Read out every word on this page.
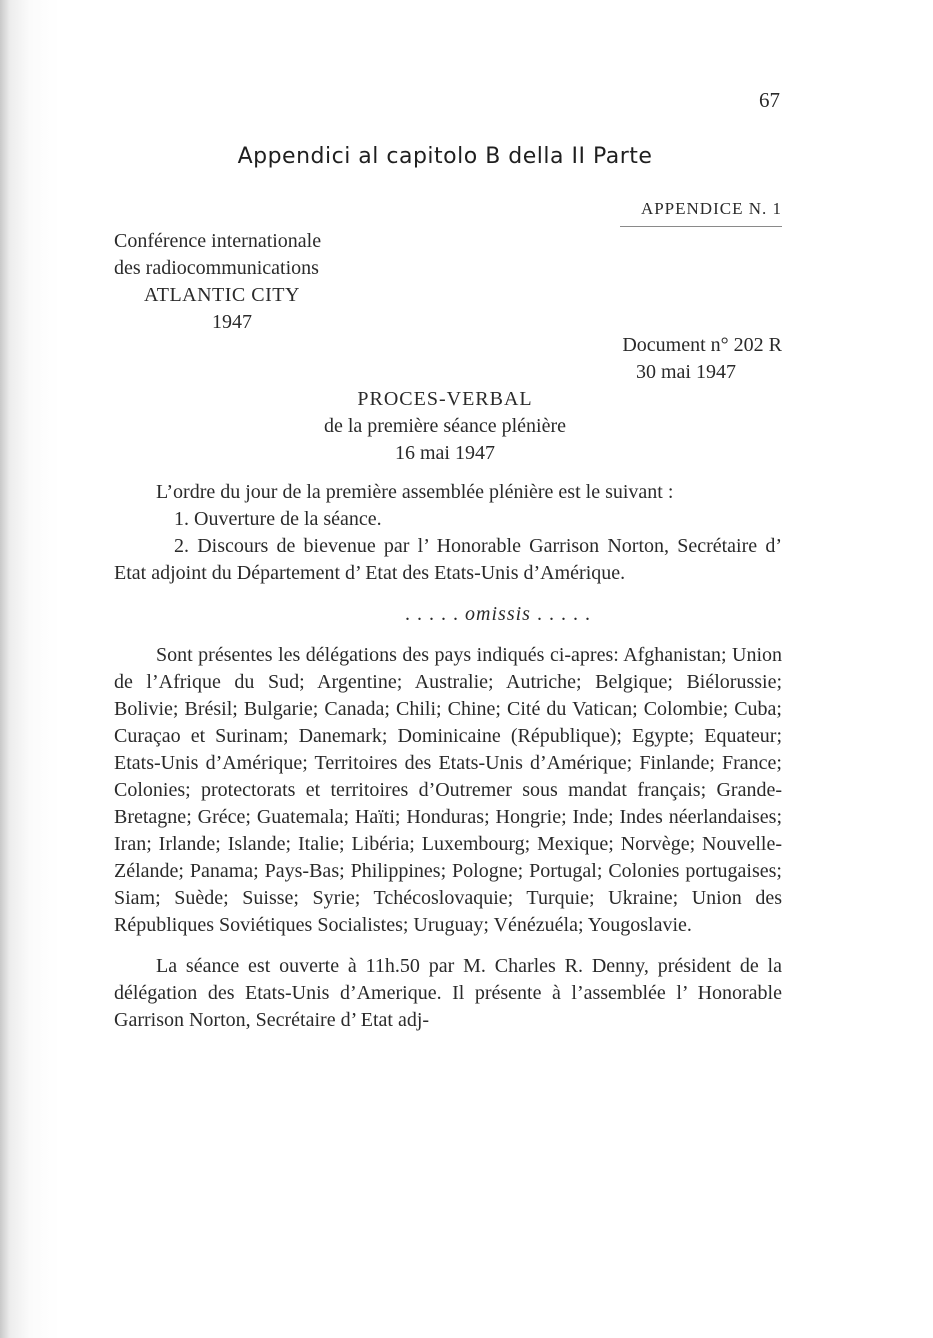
67
Appendici al capitolo B della II Parte
APPENDICE N. 1
Conférence internationale
des radiocommunications
ATLANTIC CITY
1947
Document n° 202 R
30 mai 1947
PROCES-VERBAL
de la première séance plénière
16 mai 1947

L’ordre du jour de la première assemblée plénière est le suivant :

1. Ouverture de la séance.

2. Discours de bievenue par l’ Honorable Garrison Norton, Secrétaire d’ Etat adjoint du Département d’ Etat des Etats-Unis d’Amérique.

. . . . . omissis . . . . .

Sont présentes les délégations des pays indiqués ci-apres: Afghanistan; Union de l’Afrique du Sud; Argentine; Australie; Autriche; Belgique; Biélorussie; Bolivie; Brésil; Bulgarie; Canada; Chili; Chine; Cité du Vatican; Colombie; Cuba; Curaçao et Surinam; Danemark; Dominicaine (République); Egypte; Equateur; Etats-Unis d’Amérique; Territoires des Etats-Unis d’Amérique; Finlande; France; Colonies; protectorats et territoires d’Outremer sous mandat français; Grande-Bretagne; Gréce; Guatemala; Haïti; Honduras; Hongrie; Inde; Indes néerlandaises; Iran; Irlande; Islande; Italie; Libéria; Luxembourg; Mexique; Norvège; Nouvelle-Zélande; Panama; Pays-Bas; Philippines; Pologne; Portugal; Colonies portugaises; Siam; Suède; Suisse; Syrie; Tchécoslovaquie; Turquie; Ukraine; Union des Républiques Soviétiques Socialistes; Uruguay; Vénézuéla; Yougoslavie.

La séance est ouverte à 11h.50 par M. Charles R. Denny, président de la délégation des Etats-Unis d’Amerique. Il présente à l’assemblée l’ Honorable Garrison Norton, Secrétaire d’ Etat adj-
